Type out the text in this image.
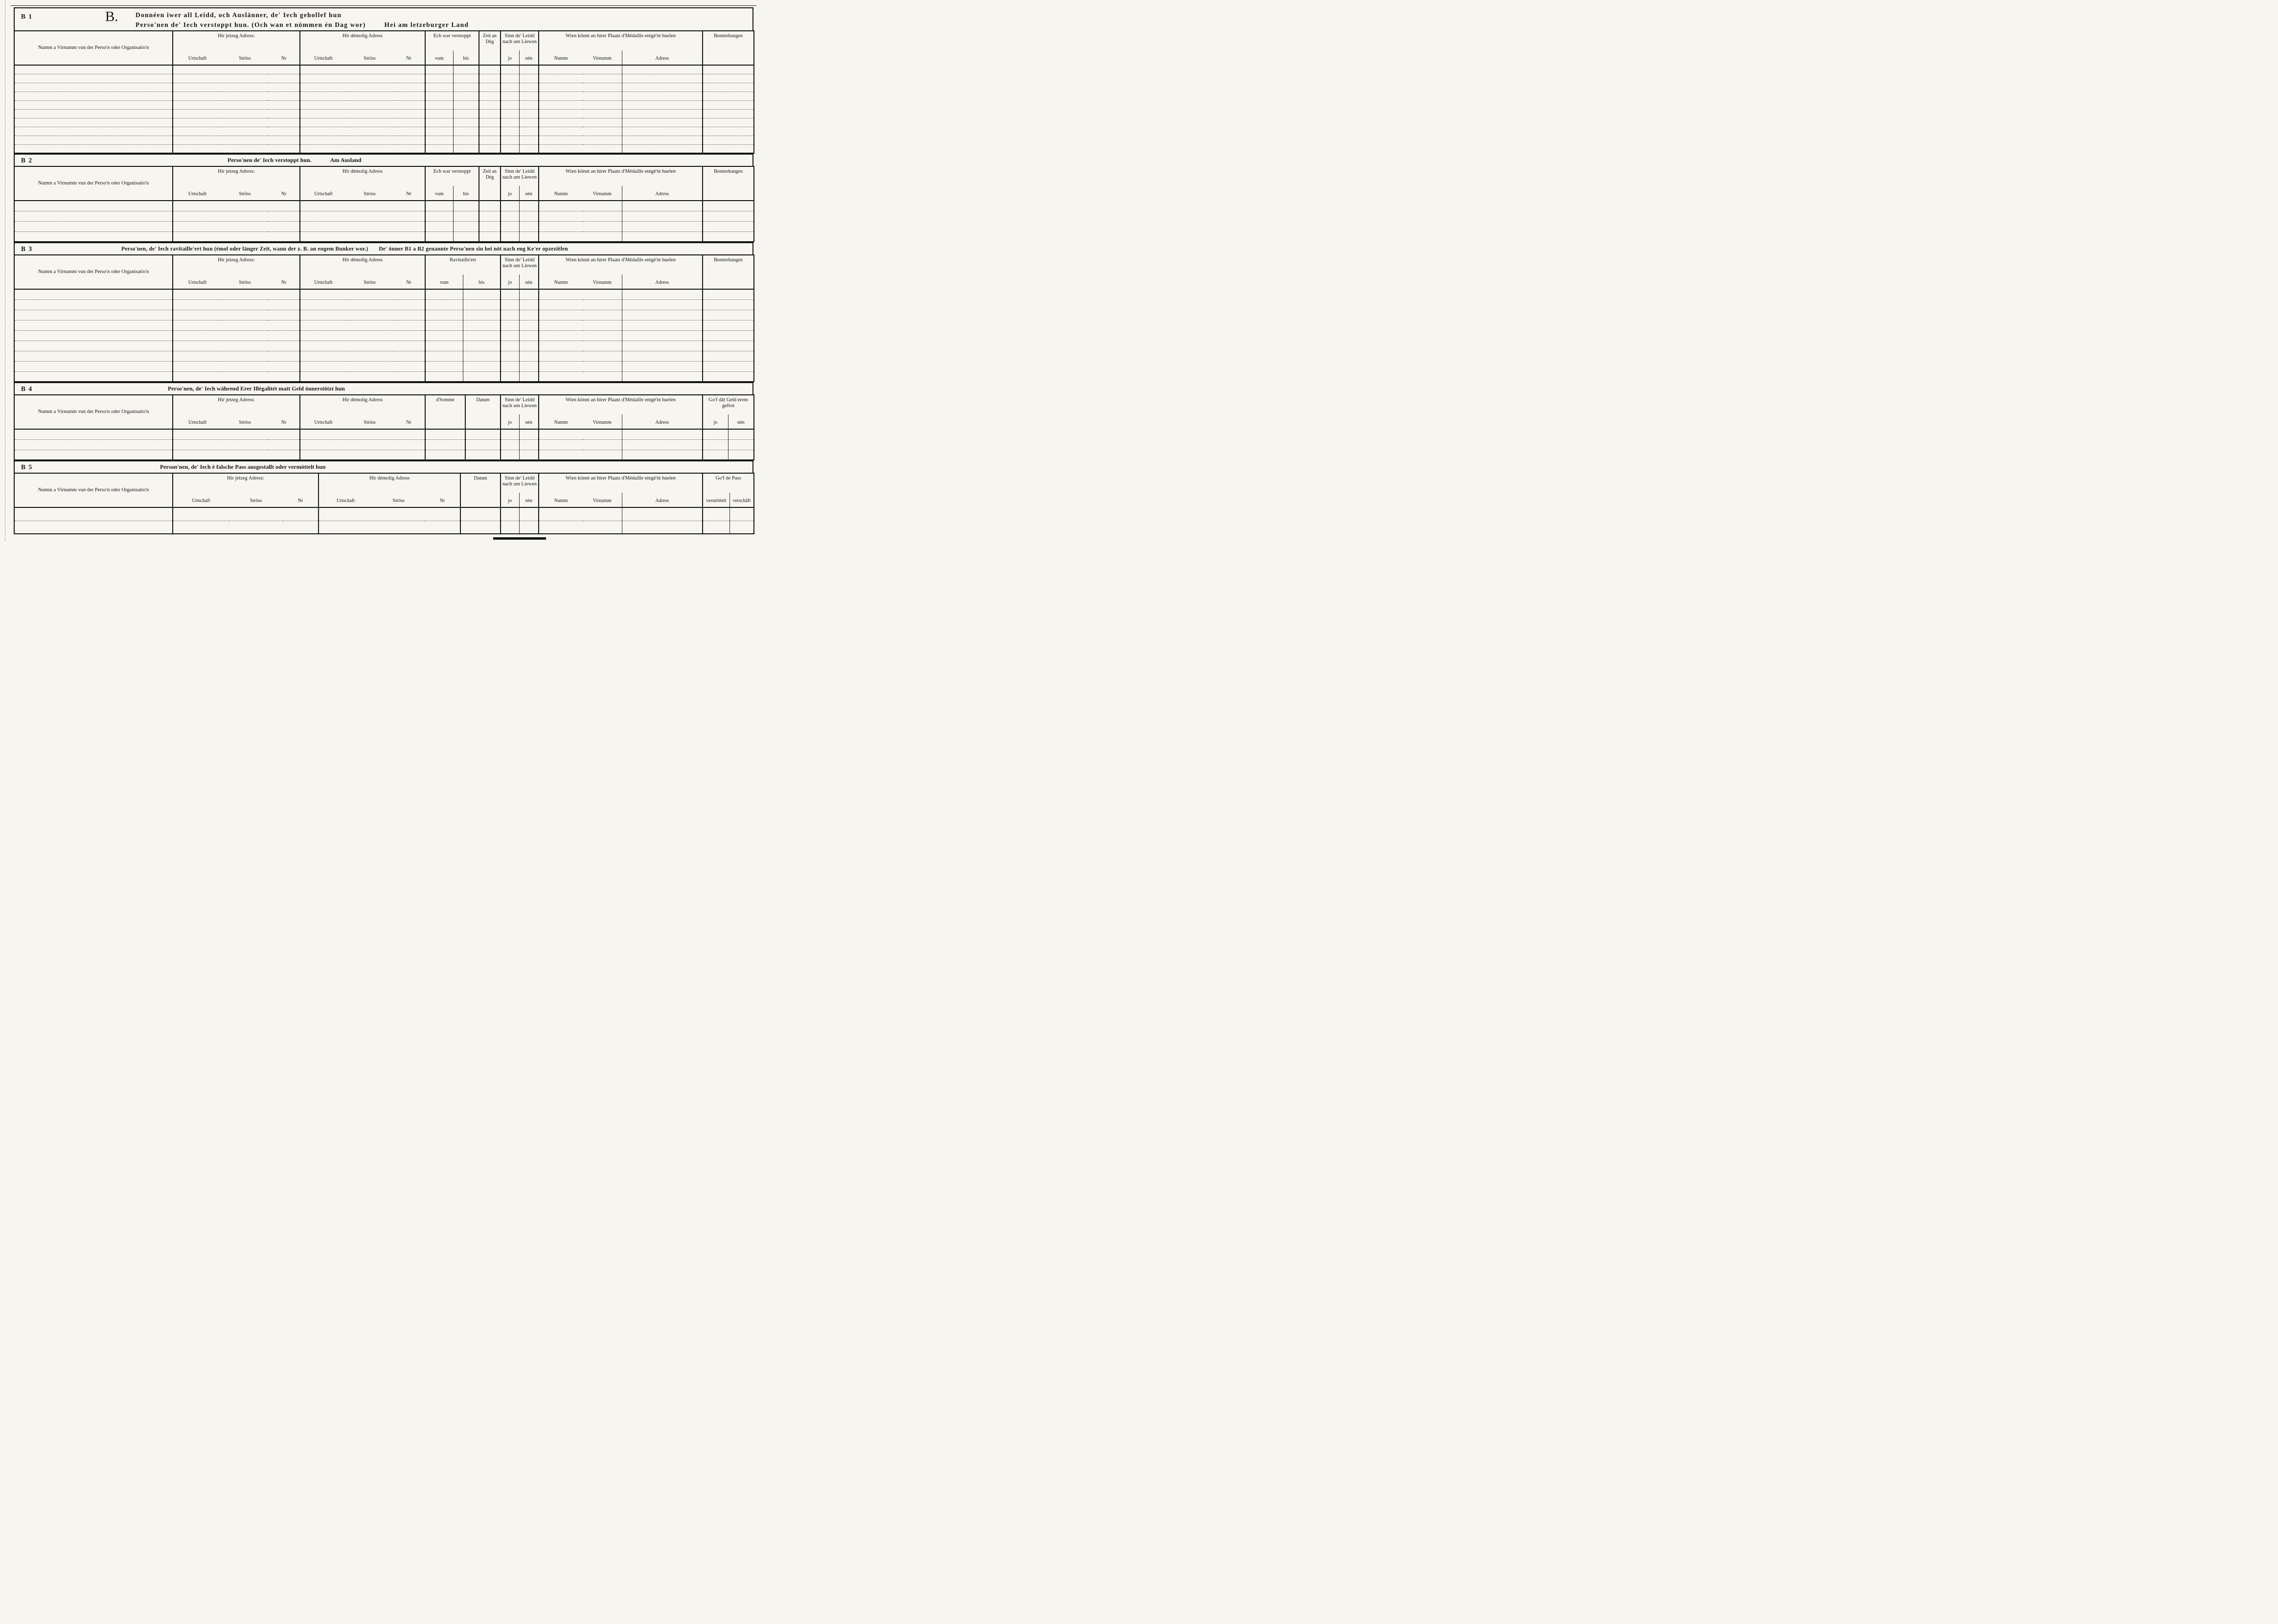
B 1	B.	Donnéen iwer all Leidd, och Auslänner, de' Iech gehollef hun
Perso'nen de' Iech verstoppt hun. (Och wan et nömmen én Dag wor)	Hei am letzeburger Land
Numm a Virnumm vun der Perso'n oder Organisatio'n	Hir jetzeg Adress:			Hir démolig Adress			Ech war verstoppt		Zeit an Dég	Sinn de' Leidd nach um Liewen		Wien könnt an hirer Plaatz d'Médaille entgé'nt huelen			Bemierkungen
	Urtschaft	Ströss	Nr	Urtschaft	Ströss	Nr	vum	bis		jo	nén	Numm	Virnumm	Adress	

B 2	Perso'nen de' Iech verstoppt hun.	Am Ausland
Numm a Virnumm vun der Perso'n oder Organisatio'n	Hir jetzeg Adress:			Hir démolig Adress			Ech war verstoppt		Zeit an Dég	Sinn de' Leidd nach um Liewen		Wien könnt an hirer Plaatz d'Médaille entgé'nt huelen			Bemierkungen
	Urtschaft	Ströss	Nr	Urtschaft	Ströss	Nr	vum	bis		jo	nén	Numm	Virnumm	Adress	

B 3	Perso'nen, de' Iech ravitaille'ert hun (émol oder länger Zeit, wann der z. B. an engem Bunker wor.) De' önner B1 a B2 genannte Perso'nen sin hei nöt nach eng Ke'er opzeziëlen
Numm a Virnumm vun der Perso'n oder Organisatio'n	Hir jetzeg Adress:			Hir démolig Adress			Ravitaille'ert		Sinn de' Leidd nach um Liewen		Wien könnt an hirer Plaatz d'Médaille entgé'nt huelen			Bemierkungen
	Urtschaft	Ströss	Nr	Urtschaft	Ströss	Nr	vum	bis	jo	nén	Numm	Virnumm	Adress	

B 4	Perso'nen, de' Iech während Erer Illégalitét matt Geld önnerstötzt hun
Numm a Virnumm vun der Perso'n oder Organisatio'n	Hir jetzeg Adress:			Hir démolig Adress			d'Somme	Datum	Sinn de' Leidd nach um Liewen		Wien könnt an hirer Plaatz d'Médaille entgé'nt huelen			Go'f dât Geld erem gefrot	
	Urtschaft	Ströss	Nr	Urtschaft	Ströss	Nr			jo	nén	Numm	Virnumm	Adress	jo	nén

B 5	Person'nen, de' Iech é falsche Pass ausgestallt oder vermöttelt hun
Numm a Virnumm vun der Perso'n oder Organisatio'n	Hir jetzeg Adress:			Hir démolig Adress			Datum	Sinn de' Leidd nach um Liewen		Wien könnt an hirer Plaatz d'Médaille entgé'nt huelen			Go'f de Pass	
	Urtschaft	Ströss	Nr	Urtschaft	Ströss	Nr		jo	nén	Numm	Virnumm	Adress	vermöttelt	verschâft
